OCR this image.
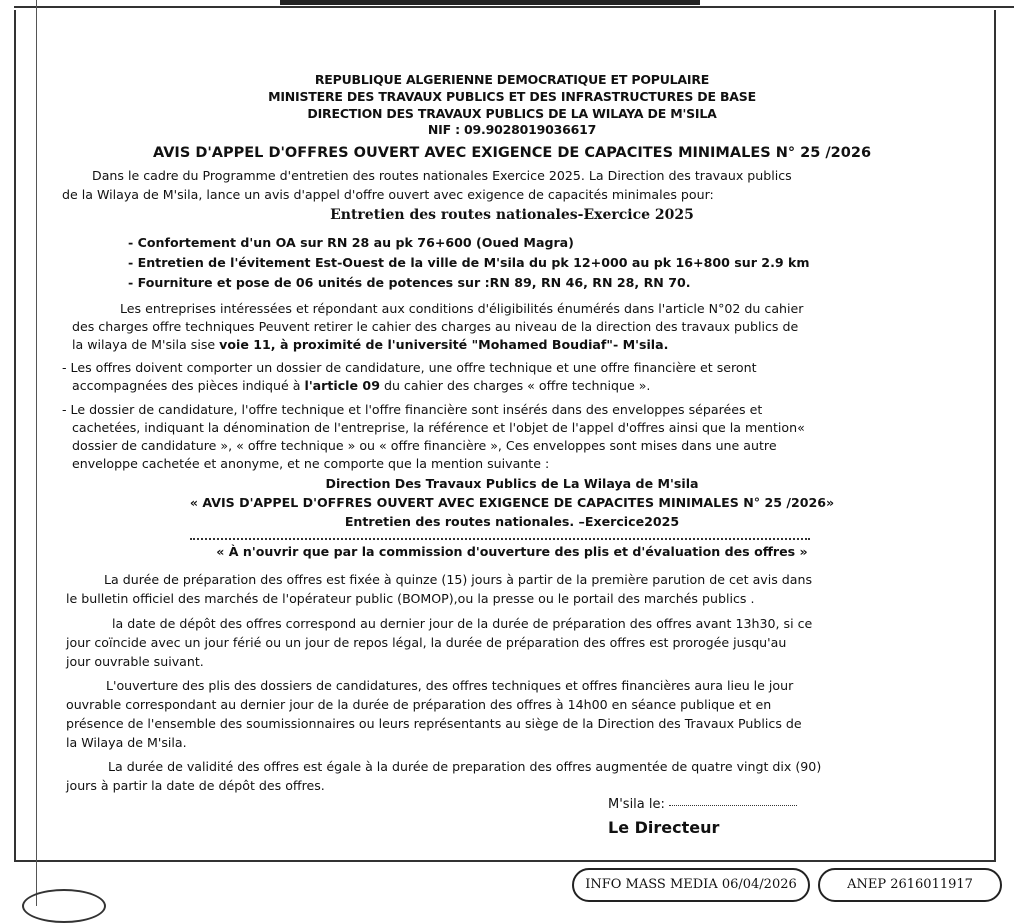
REPUBLIQUE ALGERIENNE DEMOCRATIQUE ET POPULAIRE
MINISTERE DES TRAVAUX PUBLICS ET DES INFRASTRUCTURES DE BASE
DIRECTION DES TRAVAUX PUBLICS DE LA WILAYA DE M'SILA
NIF : 09.9028019036617
AVIS D'APPEL D'OFFRES OUVERT AVEC EXIGENCE DE CAPACITES MINIMALES N° 25 /2026
Dans le cadre du Programme d'entretien des routes nationales Exercice 2025. La Direction des travaux publics
de la Wilaya de M'sila, lance un avis d'appel d'offre ouvert avec exigence de capacités minimales pour:
Entretien des routes nationales-Exercice 2025
- Confortement d'un OA sur RN 28 au pk 76+600 (Oued Magra)
- Entretien de l'évitement Est-Ouest de la ville de M'sila du pk 12+000 au pk 16+800 sur 2.9 km
- Fourniture et pose de 06 unités de potences sur :RN 89, RN 46, RN 28, RN 70.
Les entreprises intéressées et répondant aux conditions d'éligibilités énumérés dans l'article N°02 du cahier
des charges offre techniques Peuvent retirer le cahier des charges au niveau de la direction des travaux publics de
la wilaya de M'sila sise voie 11, à proximité de l'université "Mohamed Boudiaf"- M'sila.
- Les offres doivent comporter un dossier de candidature, une offre technique et une offre financière et seront
accompagnées des pièces indiqué à l'article 09 du cahier des charges « offre technique ».
- Le dossier de candidature, l'offre technique et l'offre financière sont insérés dans des enveloppes séparées et
cachetées, indiquant la dénomination de l'entreprise, la référence et l'objet de l'appel d'offres ainsi que la mention«
dossier de candidature », « offre technique » ou « offre financière », Ces enveloppes sont mises dans une autre
enveloppe cachetée et anonyme, et ne comporte que la mention suivante :
Direction Des Travaux Publics de La Wilaya de M'sila
« AVIS D'APPEL D'OFFRES OUVERT AVEC EXIGENCE DE CAPACITES MINIMALES N° 25 /2026»
Entretien des routes nationales. –Exercice2025
« À n'ouvrir que par la commission d'ouverture des plis et d'évaluation des offres »
La durée de préparation des offres est fixée à quinze (15) jours à partir de la première parution de cet avis dans
le bulletin officiel des marchés de l'opérateur public (BOMOP),ou la presse ou le portail des marchés publics .
la date de dépôt des offres correspond au dernier jour de la durée de préparation des offres avant 13h30, si ce
jour coïncide avec un jour férié ou un jour de repos légal, la durée de préparation des offres est prorogée jusqu'au
jour ouvrable suivant.
L'ouverture des plis des dossiers de candidatures, des offres techniques et offres financières aura lieu le jour
ouvrable correspondant au dernier jour de la durée de préparation des offres à 14h00 en séance publique et en
présence de l'ensemble des soumissionnaires ou leurs représentants au siège de la Direction des Travaux Publics de
la Wilaya de M'sila.
La durée de validité des offres est égale à la durée de preparation des offres augmentée de quatre vingt dix (90)
jours à partir la date de dépôt des offres.
M'sila le:
Le Directeur
INFO MASS MEDIA 06/04/2026	ANEP 2616011917
